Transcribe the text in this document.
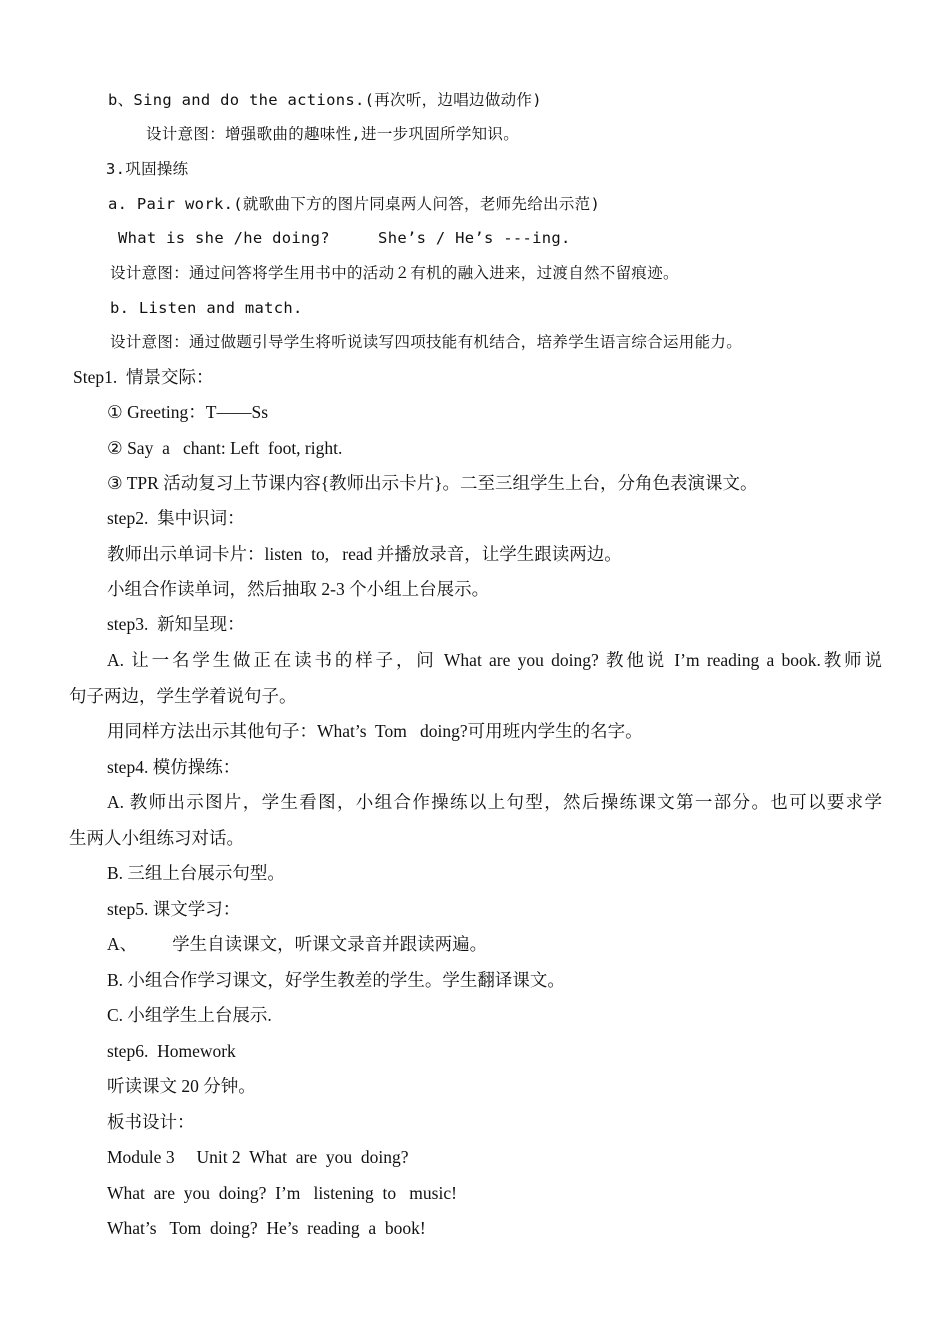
b、Sing and do the actions.(再次听，边唱边做动作)
设计意图：增强歌曲的趣味性,进一步巩固所学知识。
3.巩固操练
a. Pair work.(就歌曲下方的图片同桌两人问答，老师先给出示范)
What is she /he doing?     She’s / He’s ---ing.
设计意图：通过问答将学生用书中的活动２有机的融入进来，过渡自然不留痕迹。
b. Listen and match.
设计意图：通过做题引导学生将听说读写四项技能有机结合，培养学生语言综合运用能力。
Step1.  情景交际：
① Greeting：T——Ss
② Say  a   chant: Left  foot, right.
③ TPR 活动复习上节课内容{教师出示卡片}。二至三组学生上台，分角色表演课文。
step2.  集中识词：
教师出示单词卡片：listen  to,   read 并播放录音，让学生跟读两边。
小组合作读单词，然后抽取 2-3 个小组上台展示。
step3.  新知呈现：
A. 让一名学生做正在读书的样子，问 What are you doing? 教他说 I’m reading a book.教师说
句子两边，学生学着说句子。
用同样方法出示其他句子：What’s  Tom   doing?可用班内学生的名字。
step4. 模仿操练：
A. 教师出示图片，学生看图，小组合作操练以上句型，然后操练课文第一部分。也可以要求学
生两人小组练习对话。
B. 三组上台展示句型。
step5. 课文学习：
A、        学生自读课文，听课文录音并跟读两遍。
B. 小组合作学习课文，好学生教差的学生。学生翻译课文。
C. 小组学生上台展示.
step6.  Homework
听读课文 20 分钟。
板书设计：
Module 3     Unit 2  What  are  you  doing?
What  are  you  doing?  I’m   listening  to   music!
What’s   Tom  doing?  He’s  reading  a  book!
